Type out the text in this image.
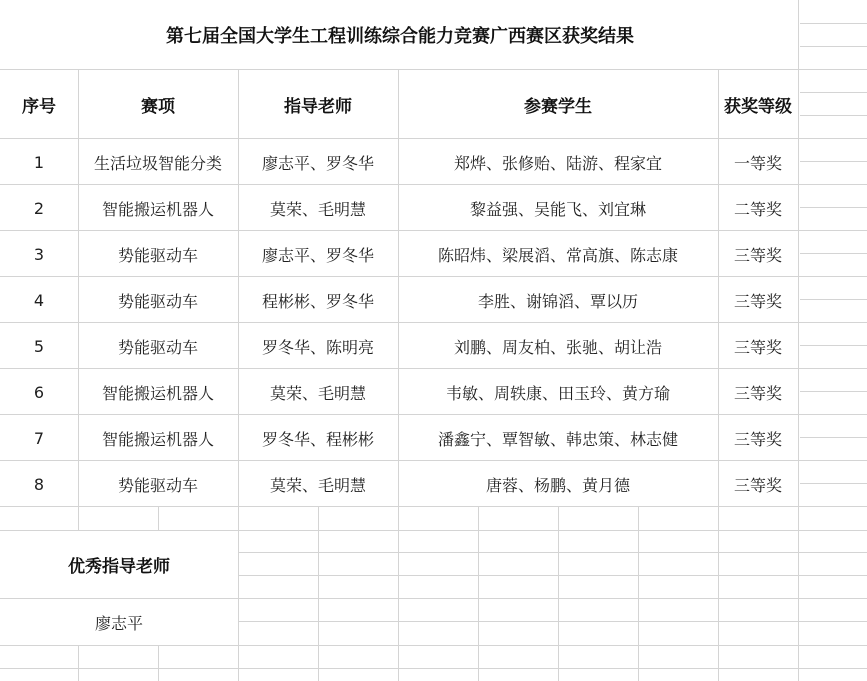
第七届全国大学生工程训练综合能力竞赛广西赛区获奖结果
序号	赛项	指导老师	参赛学生	获奖等级
1	生活垃圾智能分类	廖志平、罗冬华	郑烨、张修贻、陆游、程家宜	一等奖
2	智能搬运机器人	莫荣、毛明慧	黎益强、吴能飞、刘宜琳	二等奖
3	势能驱动车	廖志平、罗冬华	陈昭炜、梁展滔、常高旗、陈志康	三等奖
4	势能驱动车	程彬彬、罗冬华	李胜、谢锦滔、覃以历	三等奖
5	势能驱动车	罗冬华、陈明亮	刘鹏、周友柏、张驰、胡让浩	三等奖
6	智能搬运机器人	莫荣、毛明慧	韦敏、周轶康、田玉玲、黄方瑜	三等奖
7	智能搬运机器人	罗冬华、程彬彬	潘鑫宁、覃智敏、韩忠策、林志健	三等奖
8	势能驱动车	莫荣、毛明慧	唐蓉、杨鹏、黄月德	三等奖
优秀指导老师
廖志平
